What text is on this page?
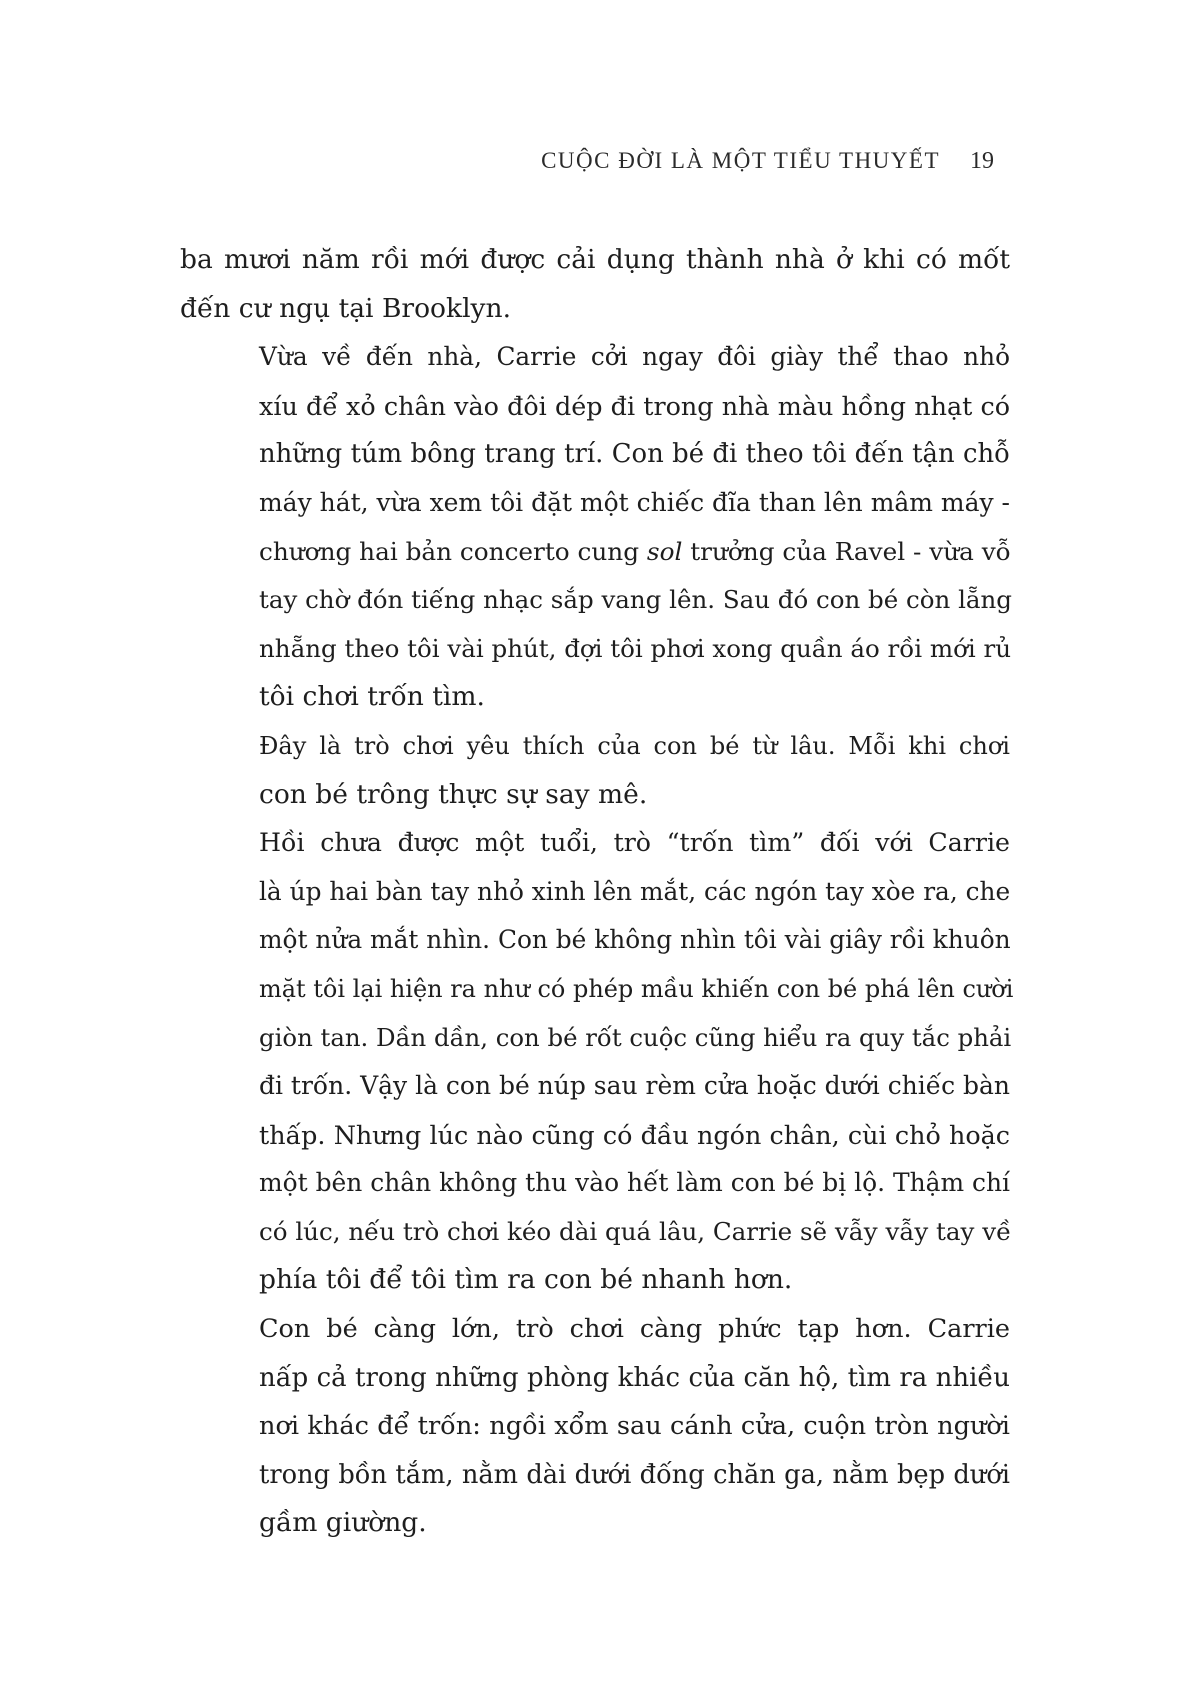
CUỘC ĐỜI LÀ MỘT TIỂU THUYẾT 19
ba mươi năm rồi mới được cải dụng thành nhà ở khi có mốt
đến cư ngụ tại Brooklyn.
Vừa về đến nhà, Carrie cởi ngay đôi giày thể thao nhỏ
xíu để xỏ chân vào đôi dép đi trong nhà màu hồng nhạt có
những túm bông trang trí. Con bé đi theo tôi đến tận chỗ
máy hát, vừa xem tôi đặt một chiếc đĩa than lên mâm máy -
chương hai bản concerto cung sol trưởng của Ravel - vừa vỗ
tay chờ đón tiếng nhạc sắp vang lên. Sau đó con bé còn lẵng
nhẵng theo tôi vài phút, đợi tôi phơi xong quần áo rồi mới rủ
tôi chơi trốn tìm.
Đây là trò chơi yêu thích của con bé từ lâu. Mỗi khi chơi
con bé trông thực sự say mê.
Hồi chưa được một tuổi, trò “trốn tìm” đối với Carrie
là úp hai bàn tay nhỏ xinh lên mắt, các ngón tay xòe ra, che
một nửa mắt nhìn. Con bé không nhìn tôi vài giây rồi khuôn
mặt tôi lại hiện ra như có phép mầu khiến con bé phá lên cười
giòn tan. Dần dần, con bé rốt cuộc cũng hiểu ra quy tắc phải
đi trốn. Vậy là con bé núp sau rèm cửa hoặc dưới chiếc bàn
thấp. Nhưng lúc nào cũng có đầu ngón chân, cùi chỏ hoặc
một bên chân không thu vào hết làm con bé bị lộ. Thậm chí
có lúc, nếu trò chơi kéo dài quá lâu, Carrie sẽ vẫy vẫy tay về
phía tôi để tôi tìm ra con bé nhanh hơn.
Con bé càng lớn, trò chơi càng phức tạp hơn. Carrie
nấp cả trong những phòng khác của căn hộ, tìm ra nhiều
nơi khác để trốn: ngồi xổm sau cánh cửa, cuộn tròn người
trong bồn tắm, nằm dài dưới đống chăn ga, nằm bẹp dưới
gầm giường.
